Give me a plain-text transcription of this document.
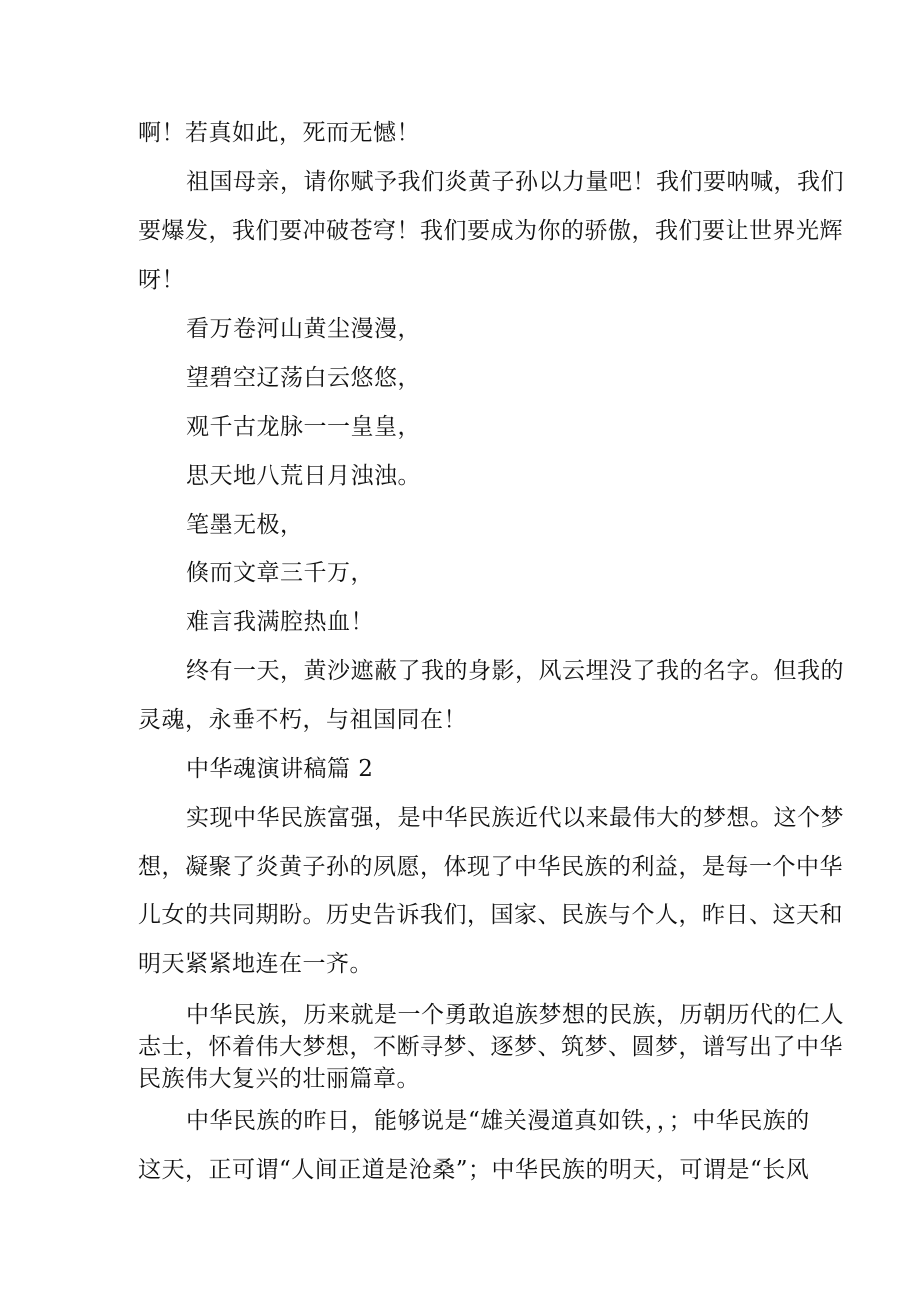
啊！若真如此，死而无憾！
祖国母亲，请你赋予我们炎黄子孙以力量吧！我们要呐喊，我们
要爆发，我们要冲破苍穹！我们要成为你的骄傲，我们要让世界光辉
呀！
看万卷河山黄尘漫漫，
望碧空辽荡白云悠悠，
观千古龙脉一一皇皇，
思天地八荒日月浊浊。
笔墨无极，
倏而文章三千万，
难言我满腔热血！
终有一天，黄沙遮蔽了我的身影，风云埋没了我的名字。但我的
灵魂，永垂不朽，与祖国同在！
中华魂演讲稿篇 2
实现中华民族富强，是中华民族近代以来最伟大的梦想。这个梦
想，凝聚了炎黄子孙的夙愿，体现了中华民族的利益，是每一个中华
儿女的共同期盼。历史告诉我们，国家、民族与个人，昨日、这天和
明天紧紧地连在一齐。
中华民族，历来就是一个勇敢追族梦想的民族，历朝历代的仁人
志士，怀着伟大梦想，不断寻梦、逐梦、筑梦、圆梦，谱写出了中华
民族伟大复兴的壮丽篇章。
中华民族的昨日，能够说是“雄关漫道真如铁，，；中华民族的
这天，正可谓“人间正道是沧桑”；中华民族的明天，可谓是“长风
